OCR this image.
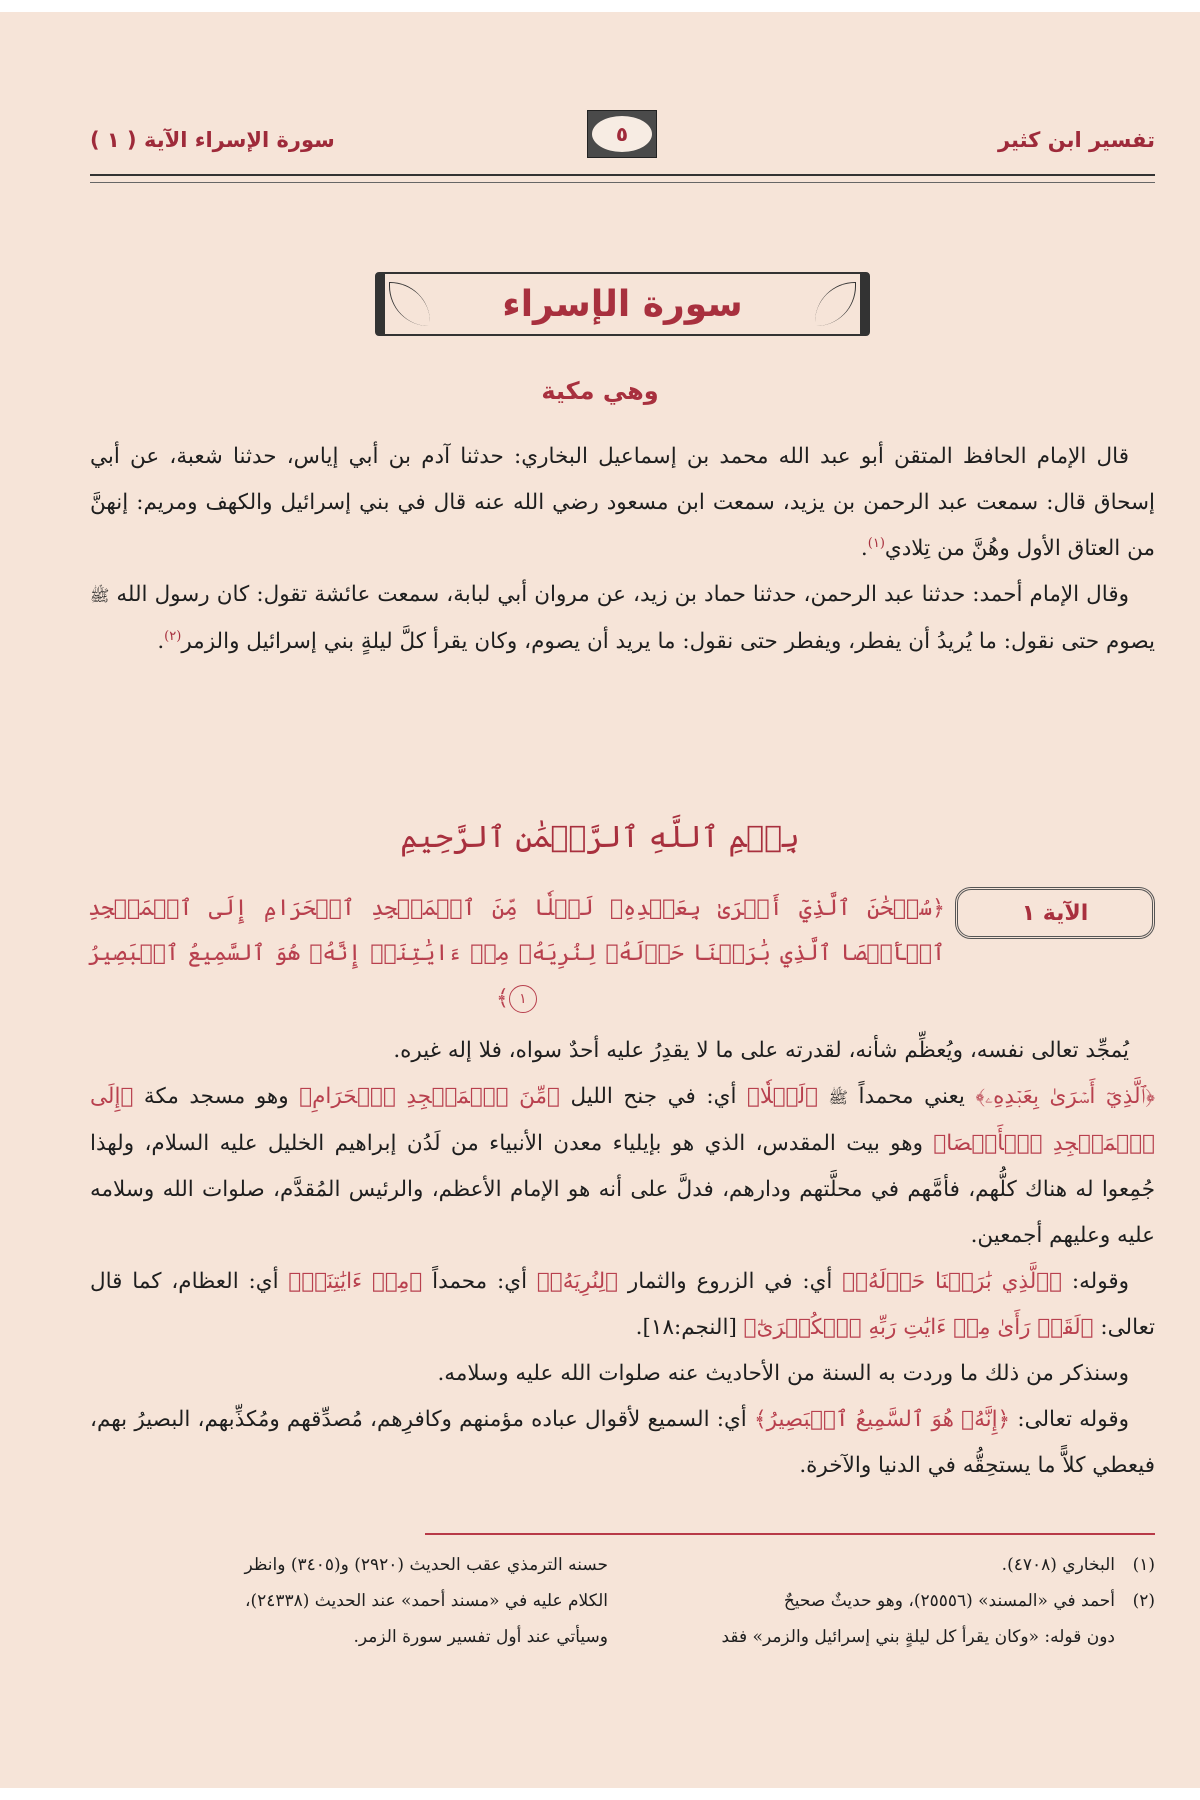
تفسير ابن كثير
٥
سورة الإسراء الآية ( ١ )
سورة الإسراء
وهي مكية

قال الإمام الحافظ المتقن أبو عبد الله محمد بن إسماعيل البخاري: حدثنا آدم بن أبي إياس، حدثنا شعبة، عن أبي إسحاق قال: سمعت عبد الرحمن بن يزيد، سمعت ابن مسعود رضي الله عنه قال في بني إسرائيل والكهف ومريم: إنهنَّ من العتاق الأول وهُنَّ من تِلادي$^{(١)}$.

وقال الإمام أحمد: حدثنا عبد الرحمن، حدثنا حماد بن زيد، عن مروان أبي لبابة، سمعت عائشة تقول: كان رسول الله ﷺ يصوم حتى نقول: ما يُريدُ أن يفطر، ويفطر حتى نقول: ما يريد أن يصوم، وكان يقرأ كلَّ ليلةٍ بني إسرائيل والزمر$^{(٢)}$.

بِسۡمِ ٱللَّهِ ٱلرَّحۡمَٰنِ ٱلرَّحِيمِ
الآية ١
﴿سُبۡحَٰنَ ٱلَّذِيٓ أَسۡرَىٰ بِعَبۡدِهِۦ لَيۡلٗا مِّنَ ٱلۡمَسۡجِدِ ٱلۡحَرَامِ إِلَى ٱلۡمَسۡجِدِ ٱلۡأَقۡصَا ٱلَّذِي بَٰرَكۡنَا حَوۡلَهُۥ لِنُرِيَهُۥ مِنۡ ءَايَٰتِنَآۚ إِنَّهُۥ هُوَ ٱلسَّمِيعُ ٱلۡبَصِيرُ ١﴾

يُمجِّد تعالى نفسه، ويُعظِّم شأنه، لقدرته على ما لا يقدِرُ عليه أحدٌ سواه، فلا إله غيره.

﴿ٱلَّذِيٓ أَسۡرَىٰ بِعَبۡدِهِۦ﴾ يعني محمداً ﷺ ﴿لَيۡلٗا﴾ أي: في جنح الليل ﴿مِّنَ ٱلۡمَسۡجِدِ ٱلۡحَرَامِ﴾ وهو مسجد مكة ﴿إِلَى ٱلۡمَسۡجِدِ ٱلۡأَقۡصَا﴾ وهو بيت المقدس، الذي هو بإيلياء معدن الأنبياء من لَدُن إبراهيم الخليل عليه السلام، ولهذا جُمِعوا له هناك كلُّهم، فأمَّهم في محلَّتهم ودارهم، فدلَّ على أنه هو الإمام الأعظم، والرئيس المُقدَّم، صلوات الله وسلامه عليه وعليهم أجمعين.

وقوله: ﴿ٱلَّذِي بَٰرَكۡنَا حَوۡلَهُۥ﴾ أي: في الزروع والثمار ﴿لِنُرِيَهُۥ﴾ أي: محمداً ﴿مِنۡ ءَايَٰتِنَآۚ﴾ أي: العظام، كما قال تعالى: ﴿لَقَدۡ رَأَىٰ مِنۡ ءَايَٰتِ رَبِّهِ ٱلۡكُبۡرَىٰٓ﴾ [النجم:١٨].

وسنذكر من ذلك ما وردت به السنة من الأحاديث عنه صلوات الله عليه وسلامه.

وقوله تعالى: ﴿إِنَّهُۥ هُوَ ٱلسَّمِيعُ ٱلۡبَصِيرُ﴾ أي: السميع لأقوال عباده مؤمنهم وكافرِهم، مُصدِّقهم ومُكذِّبهم، البصيرُ بهم، فيعطي كلاًّ ما يستحِقُّه في الدنيا والآخرة.

(١)البخاري (٤٧٠٨).
(٢)أحمد في «المسند» (٢٥٥٥٦)، وهو حديثٌ صحيحٌ
دون قوله: «وكان يقرأ كل ليلةٍ بني إسرائيل والزمر» فقد
حسنه الترمذي عقب الحديث (٢٩٢٠) و(٣٤٠٥) وانظر
الكلام عليه في «مسند أحمد» عند الحديث (٢٤٣٣٨)،
وسيأتي عند أول تفسير سورة الزمر.
